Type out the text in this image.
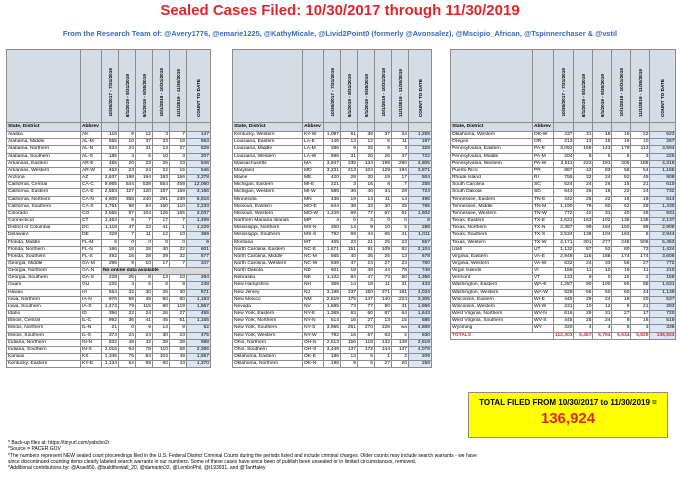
Sealed Cases Filed: 10/30/2017 through 11/30/2019
From the Research Team of: @Avery1776, @emarie1225, @KathyMicale, @Livid2Point0 (formerly @Avonsalez), @Mscipio_African, @Tspinnerchaser & @vstil
		10/30/2017 - 7/31/2019	8/1/2019 - 8/31/2019	9/1/2019 - 9/30/2019	10/1/2019 - 10/31/2019	11/1/2019 - 11/30/2019	COUNT TO DATE
State, District	Abbrev						
Alaska	AK	116	9	12	3	7	147
Alabama, Middle	AL-M	555	10	37	33	18	653
Alabama, Northern	AL-N	534	24	31	13	27	629
Alabama, Southern	AL-S	185	4	5	10	3	207
Arkansas, Eastern	AR-E	455	20	23	25	23	546
Arkansas, Western	AR-W	462	23	24	22	15	546
Arizona	AZ	2,637	198	194	193	156	3,378
California, Central	CA-C	9,965	544	538	554	459	12,060
California, Eastern	CA-E	2,593	127	120	167	159	3,166
California, Northern	CA-N	4,608	358	240	291	239	5,816
California, Southern	CA-S	1,751	98	84	150	110	2,233
Colorado	CO	2,565	87	104	126	155	3,037
Connecticut	CT	1,463	5	7	17	7	1,499
District of Columbia	DC	1,118	47	22	41	1	1,229
Delaware	DE	329	7	11	12	10	369
Florida, Middle	FL-M	6	0	0	0	0	6
Florida, Northern	FL-N	166	18	28	40	22	601
Florida, Southern	FL-S	492	16	28	29	32	577
Georgia, Middle	GA-M	296	9	10	17	7	347
Georgia, Northern	GA-N	No online data available					
Georgia, Southern	GA-S	228	25	8	13	10	284
Guam	GU	225	4	5	6	8	248
Hawaii	HI	554	32	30	25	30	671
Iowa, Northern	IA-N	976	58	49	50	60	1,193
Iowa, Southern	IA-S	1,474	79	115	80	119	1,867
Idaho	ID	356	22	24	26	27	455
Illinois, Central	IL-C	992	36	41	45	51	1,165
Illinois, Northern	IL-N	21	0	9	14	8	52
Illinois, Southern	IL-S	374	24	24	30	23	475
Indiana, Northern	IN-N	832	48	42	38	28	988
Indiana, Southern	IN-S	2,016	94	78	110	69	2,365
Kansas	KS	1,345	75	84	104	49	1,657
Kentucky, Eastern	KY-E	1,134	64	69	60	43	1,370
		10/30/2017 - 7/31/2019	8/1/2019 - 8/31/2019	9/1/2019 - 9/30/2019	10/1/2019 - 10/31/2019	11/1/2019 - 11/30/2019	COUNT TO DATE
State, District	Abbrev						
Kentucky, Western	KY-W	1,097	51	36	37	34	1,255
Louisiana, Eastern	LA-E	146	13	12	5	11	187
Louisiana, Middle	LA-M	286	9	25	5	3	328
Louisiana, Western	LA-W	598	31	20	26	47	722
Massachusetts	MA	3,947	235	134	199	290	4,805
Maryland	MD	3,231	213	104	129	194	3,871
Maine	ME	420	28	20	19	17	504
Michigan, Eastern	MI-E	221	3	16	8	7	255
Michigan, Western	MI-W	586	36	40	34	28	724
Minnesota	MN	438	19	14	11	14	496
Missouri, Eastern	MO-E	644	38	33	30	25	785
Missouri, Western	MO-W	1,228	69	77	67	61	1,502
Northern Mariana Islands	MP	4	0	2	0	0	8
Mississippi, Northern	MS-N	250	14	9	10	5	288
Mississippi, Southern	MS-S	792	69	44	65	41	1,011
Montana	MT	465	23	21	25	23	557
North Carolina, Eastern	NC-E	1,671	151	91	109	82	2,104
North Carolina, Middle	NC-M	565	40	35	25	13	678
North Carolina, Western	NC-W	639	47	24	27	23	760
North Dakota	ND	601	19	48	44	78	748
Nebraska	NE	1,102	84	47	73	50	1,356
New Hampshire	NH	359	14	18	11	31	433
New Jersey	NJ	3,195	237	150	271	181	4,034
New Mexico	NM	2,619	175	147	140	224	3,305
Nevada	NV	1,685	73	77	90	41	1,966
New York, Eastern	NY-E	1,369	63	60	87	64	1,643
New York, Northern	NY-N	514	16	27	13	15	585
New York, Southern	NY-S	3,965	251	270	228	via	4,889
New York, Western	NY-W	782	16	67	63	2	930
Ohio, Northern	OH-N	2,513	156	118	132	149	2,918
Ohio, Southern	OH-S	3,449	137	172	144	147	4,078
Oklahoma, Eastern	OK-E	186	13	5	1	2	209
Oklahoma, Northern	OK-N	196	9	6	27	20	258
		10/30/2017 - 7/31/2019	8/1/2019 - 8/31/2019	9/1/2019 - 9/30/2019	10/1/2019 - 10/31/2019	11/1/2019 - 11/30/2019	COUNT TO DATE
State, District	Abbrev						
Oklahoma, Western	OK-W	437	31	18	15	22	523
Oregon	OR	213	13	15	16	10	267
Pennsylvania, Eastern	PA-E	3,093	166	143	179	113	3,694
Pennsylvania, Middle	PA-M	204	8	5	5	3	225
Pennsylvania, Western	PA-W	3,511	222	191	206	186	4,316
Puerto Rico	PR	887	43	83	58	54	1,165
Rhode Island	RI	755	32	24	52	45	908
South Carolina	SC	524	24	26	15	21	610
South Dakota	SD	644	26	16	22	24	732
Tennessee, Eastern	TN-E	442	25	22	16	19	514
Tennessee, Middle	TN-M	1,190	79	80	52	29	1,430
Tennessee, Western	TN-W	772	42	31	40	46	931
Texas, Eastern	TX-E	1,623	163	102	135	136	2,137
Texas, Northern	TX-N	2,387	99	184	150	89	2,909
Texas, Southern	TX-S	2,534	138	104	163	5	2,944
Texas, Western	TX-W	4,171	301	277	248	506	5,453
Utah	UT	1,132	87	52	80	73	1,424
Virginia, Eastern	VA-E	2,948	115	188	174	174	3,606
Virginia, Western	VA-W	632	24	33	56	27	772
Virgin Islands	VI	159	11	10	19	11	210
Vermont	VT	133	9	0	15	2	159
Washington, Eastern	WA-E	1,287	90	100	65	89	1,631
Washington, Western	WA-W	929	56	50	60	44	1,139
Wisconsin, Eastern	WI-E	445	29	24	19	20	537
Wisconsin, Western	WI-W	231	10	12	9	21	283
West Virginia, Northern	WV-N	616	29	31	27	17	720
West Virginia, Southern	WV-S	445	25	24	9	16	519
Wyoming	WY	320	4	4	5	3	336
TOTALS		112,303	6,467	5,794	6,534	5,829	136,924
TOTAL FILED FROM 10/30/2017 to 11/30/2019 =
136,924
* Back-up files at: https://tinyurl.com/yabcbo2r
*Source = PACER.GOV
*The numbers represent NEW sealed court proceedings filed in the U.S. Federal District Criminal Courts during the periods listed and include criminal charges. Older counts may include search warrants - we have
since discontinued counting items clearly labeled search warrants in our numbers. Some of these cases have since been of publish been unsealed or in limited circumstances, removed.
*Additional contributions by: @Araeli50, @buildthewall_20, @damartin32, @LemboPhil, @t193931, and @TanHaley
